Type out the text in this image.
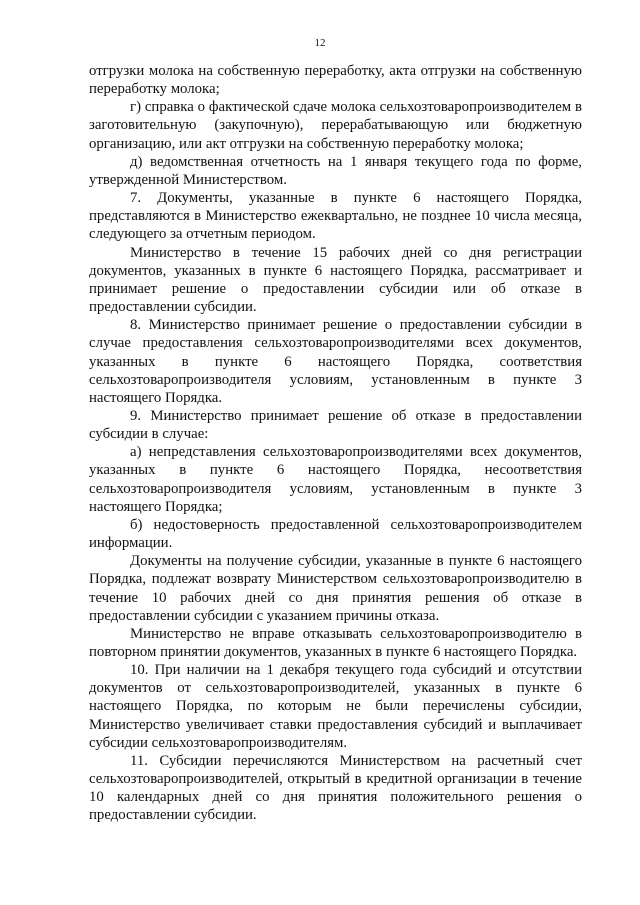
12

отгрузки молока на собственную переработку, акта отгрузки на собственную переработку молока;

г) справка о фактической сдаче молока сельхозтоваропроизводителем в заготовительную (закупочную), перерабатывающую или бюджетную организацию, или акт отгрузки на собственную переработку молока;

д) ведомственная отчетность на 1 января текущего года по форме, утвержденной Министерством.

7. Документы, указанные в пункте 6 настоящего Порядка, представляются в Министерство ежеквартально, не позднее 10 числа месяца, следующего за отчетным периодом.

Министерство в течение 15 рабочих дней со дня регистрации документов, указанных в пункте 6 настоящего Порядка, рассматривает и принимает решение о предоставлении субсидии или об отказе в предоставлении субсидии.

8. Министерство принимает решение о предоставлении субсидии в случае предоставления сельхозтоваропроизводителями всех документов, указанных в пункте 6 настоящего Порядка, соответствия сельхозтоваропроизводителя условиям, установленным в пункте 3 настоящего Порядка.

9. Министерство принимает решение об отказе в предоставлении субсидии в случае:

а) непредставления сельхозтоваропроизводителями всех документов, указанных в пункте 6 настоящего Порядка, несоответствия сельхозтоваропроизводителя условиям, установленным в пункте 3 настоящего Порядка;

б) недостоверность предоставленной сельхозтоваропроизводителем информации.

Документы на получение субсидии, указанные в пункте 6 настоящего Порядка, подлежат возврату Министерством сельхозтоваропроизводителю в течение 10 рабочих дней со дня принятия решения об отказе в предоставлении субсидии с указанием причины отказа.

Министерство не вправе отказывать сельхозтоваропроизводителю в повторном принятии документов, указанных в пункте 6 настоящего Порядка.

10. При наличии на 1 декабря текущего года субсидий и отсутствии документов от сельхозтоваропроизводителей, указанных в пункте 6 настоящего Порядка, по которым не были перечислены субсидии, Министерство увеличивает ставки предоставления субсидий и выплачивает субсидии сельхозтоваропроизводителям.

11. Субсидии перечисляются Министерством на расчетный счет сельхозтоваропроизводителей, открытый в кредитной организации в течение 10 календарных дней со дня принятия положительного решения о предоставлении субсидии.
